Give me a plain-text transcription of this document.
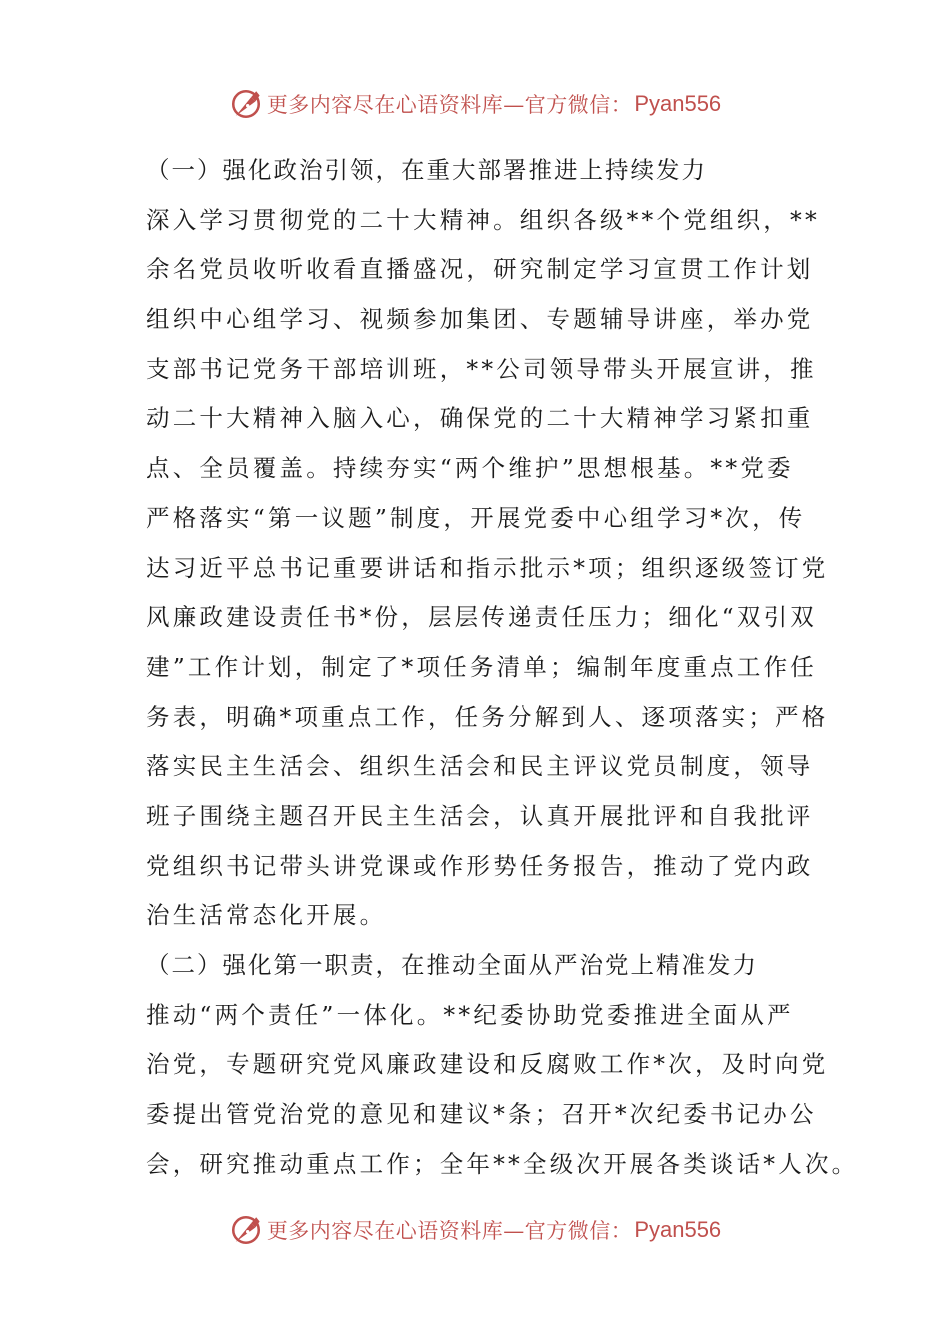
更多内容尽在心语资料库—官方微信： Pyan556
（一）强化政治引领，在重大部署推进上持续发力
深入学习贯彻党的二十大精神。组织各级**个党组织，**
余名党员收听收看直播盛况，研究制定学习宣贯工作计划
组织中心组学习、视频参加集团、专题辅导讲座，举办党
支部书记党务干部培训班，**公司领导带头开展宣讲，推
动二十大精神入脑入心，确保党的二十大精神学习紧扣重
点、全员覆盖。持续夯实“两个维护”思想根基。**党委
严格落实“第一议题”制度，开展党委中心组学习*次，传
达习近平总书记重要讲话和指示批示*项；组织逐级签订党
风廉政建设责任书*份，层层传递责任压力；细化“双引双
建”工作计划，制定了*项任务清单；编制年度重点工作任
务表，明确*项重点工作，任务分解到人、逐项落实；严格
落实民主生活会、组织生活会和民主评议党员制度，领导
班子围绕主题召开民主生活会，认真开展批评和自我批评
党组织书记带头讲党课或作形势任务报告，推动了党内政
治生活常态化开展。
（二）强化第一职责，在推动全面从严治党上精准发力
推动“两个责任”一体化。**纪委协助党委推进全面从严
治党，专题研究党风廉政建设和反腐败工作*次，及时向党
委提出管党治党的意见和建议*条；召开*次纪委书记办公
会，研究推动重点工作；全年**全级次开展各类谈话*人次。
更多内容尽在心语资料库—官方微信： Pyan556
